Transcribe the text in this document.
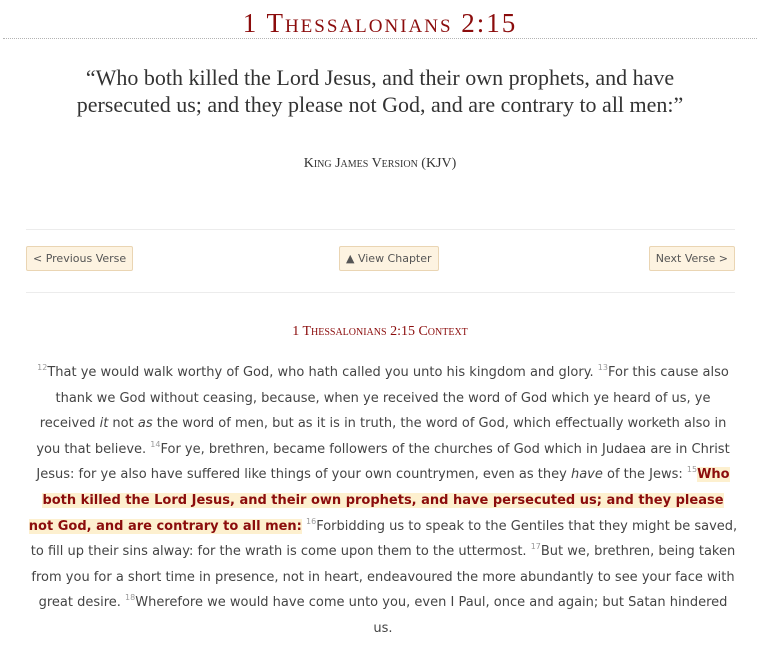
1 Thessalonians 2:15
“Who both killed the Lord Jesus, and their own prophets, and have
persecuted us; and they please not God, and are contrary to all men:”
King James Version (KJV)
< Previous Verse	▲ View Chapter	Next Verse >
1 Thessalonians 2:15 Context
$^{12}$That ye would walk worthy of God, who hath called you unto his kingdom and glory. $^{13}$For this cause also thank we God without ceasing, because, when ye received the word of God which ye heard of us, ye received it not as the word of men, but as it is in truth, the word of God, which effectually worketh also in you that believe. $^{14}$For ye, brethren, became followers of the churches of God which in Judaea are in Christ Jesus: for ye also have suffered like things of your own countrymen, even as they have of the Jews: $^{15}$Who both killed the Lord Jesus, and their own prophets, and have persecuted us; and they please not God, and are contrary to all men: $^{16}$Forbidding us to speak to the Gentiles that they might be saved, to fill up their sins alway: for the wrath is come upon them to the uttermost. $^{17}$But we, brethren, being taken from you for a short time in presence, not in heart, endeavoured the more abundantly to see your face with great desire. $^{18}$Wherefore we would have come unto you, even I Paul, once and again; but Satan hindered us.
